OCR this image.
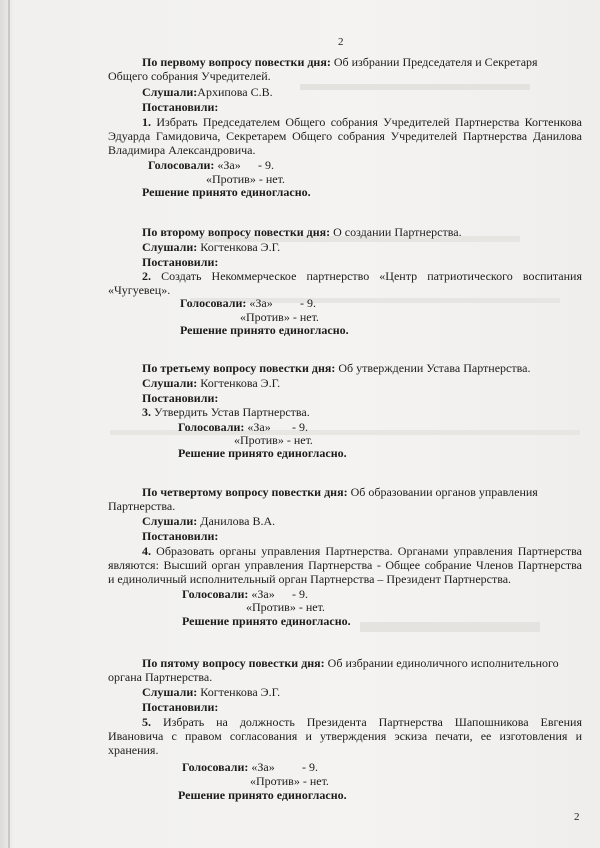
2
По первому вопросу повестки дня: Об избрании Председателя и Секретаря
Общего собрания Учредителей.
Слушали:Архипова С.В.
Постановили:
1. Избрать Председателем Общего собрания Учредителей Партнерства Когтенкова
Эдуарда Гамидовича, Секретарем Общего собрания Учредителей Партнерства Данилова
Владимира Александровича.
Голосовали: «За» - 9.
«Против» - нет.
Решение принято единогласно.
По второму вопросу повестки дня: О создании Партнерства.
Слушали: Когтенкова Э.Г.
Постановили:
2. Создать Некоммерческое партнерство «Центр патриотического воспитания
«Чугуевец».
Голосовали: «За» - 9.
«Против» - нет.
Решение принято единогласно.
По третьему вопросу повестки дня: Об утверждении Устава Партнерства.
Слушали: Когтенкова Э.Г.
Постановили:
3. Утвердить Устав Партнерства.
Голосовали: «За» - 9.
«Против» - нет.
Решение принято единогласно.
По четвертому вопросу повестки дня: Об образовании органов управления
Партнерства.
Слушали: Данилова В.А.
Постановили:
4. Образовать органы управления Партнерства. Органами управления Партнерства
являются: Высший орган управления Партнерства - Общее собрание Членов Партнерства
и единоличный исполнительный орган Партнерства – Президент Партнерства.
Голосовали: «За» - 9.
«Против» - нет.
Решение принято единогласно.
По пятому вопросу повестки дня: Об избрании единоличного исполнительного
органа Партнерства.
Слушали: Когтенкова Э.Г.
Постановили:
5. Избрать на должность Президента Партнерства Шапошникова Евгения
Ивановича с правом согласования и утверждения эскиза печати, ее изготовления и
хранения.
Голосовали: «За» - 9.
«Против» - нет.
Решение принято единогласно.
2
